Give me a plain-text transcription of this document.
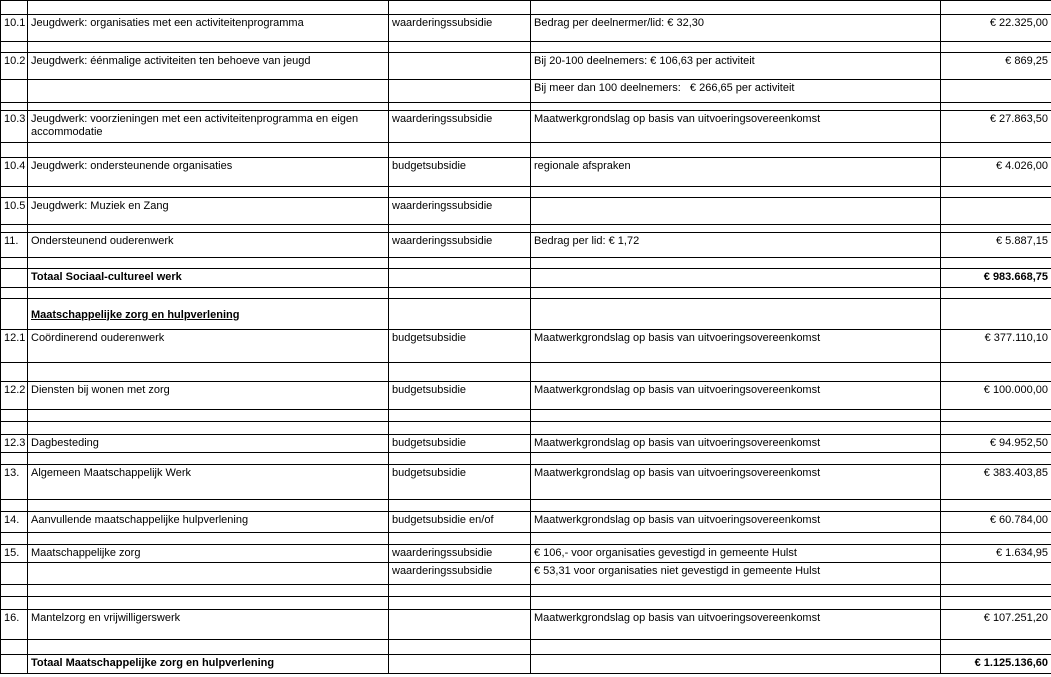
10.1	Jeugdwerk: organisaties met een activiteitenprogramma	waarderingssubsidie	Bedrag per deelnermer/lid: € 32,30	€ 22.325,00

10.2	Jeugdwerk: éénmalige activiteiten ten behoeve van jeugd		Bij 20-100 deelnemers: € 106,63 per activiteit	€ 869,25
			Bij meer dan 100 deelnemers:   € 266,65 per activiteit	

10.3	Jeugdwerk: voorzieningen met een activiteitenprogramma en eigen accommodatie	waarderingssubsidie	Maatwerkgrondslag op basis van uitvoeringsovereenkomst	€ 27.863,50

10.4	Jeugdwerk: ondersteunende organisaties	budgetsubsidie	regionale afspraken	€ 4.026,00

10.5	Jeugdwerk: Muziek en Zang	waarderingssubsidie		

11.	Ondersteunend ouderenwerk	waarderingssubsidie	Bedrag per lid: € 1,72	€ 5.887,15

	Totaal Sociaal-cultureel werk			€ 983.668,75

	Maatschappelijke zorg en hulpverlening			
12.1	Coördinerend ouderenwerk	budgetsubsidie	Maatwerkgrondslag op basis van uitvoeringsovereenkomst	€ 377.110,10

12.2	Diensten bij wonen met zorg	budgetsubsidie	Maatwerkgrondslag op basis van uitvoeringsovereenkomst	€ 100.000,00

12.3	Dagbesteding	budgetsubsidie	Maatwerkgrondslag op basis van uitvoeringsovereenkomst	€ 94.952,50

13.	Algemeen Maatschappelijk Werk	budgetsubsidie	Maatwerkgrondslag op basis van uitvoeringsovereenkomst	€ 383.403,85

14.	Aanvullende maatschappelijke hulpverlening	budgetsubsidie en/of	Maatwerkgrondslag op basis van uitvoeringsovereenkomst	€ 60.784,00

15.	Maatschappelijke zorg	waarderingssubsidie	€ 106,- voor organisaties gevestigd in gemeente Hulst	€ 1.634,95
		waarderingssubsidie	€ 53,31 voor organisaties niet gevestigd in gemeente Hulst	

16.	Mantelzorg en vrijwilligerswerk		Maatwerkgrondslag op basis van uitvoeringsovereenkomst	€ 107.251,20

	Totaal Maatschappelijke zorg en hulpverlening			€ 1.125.136,60
